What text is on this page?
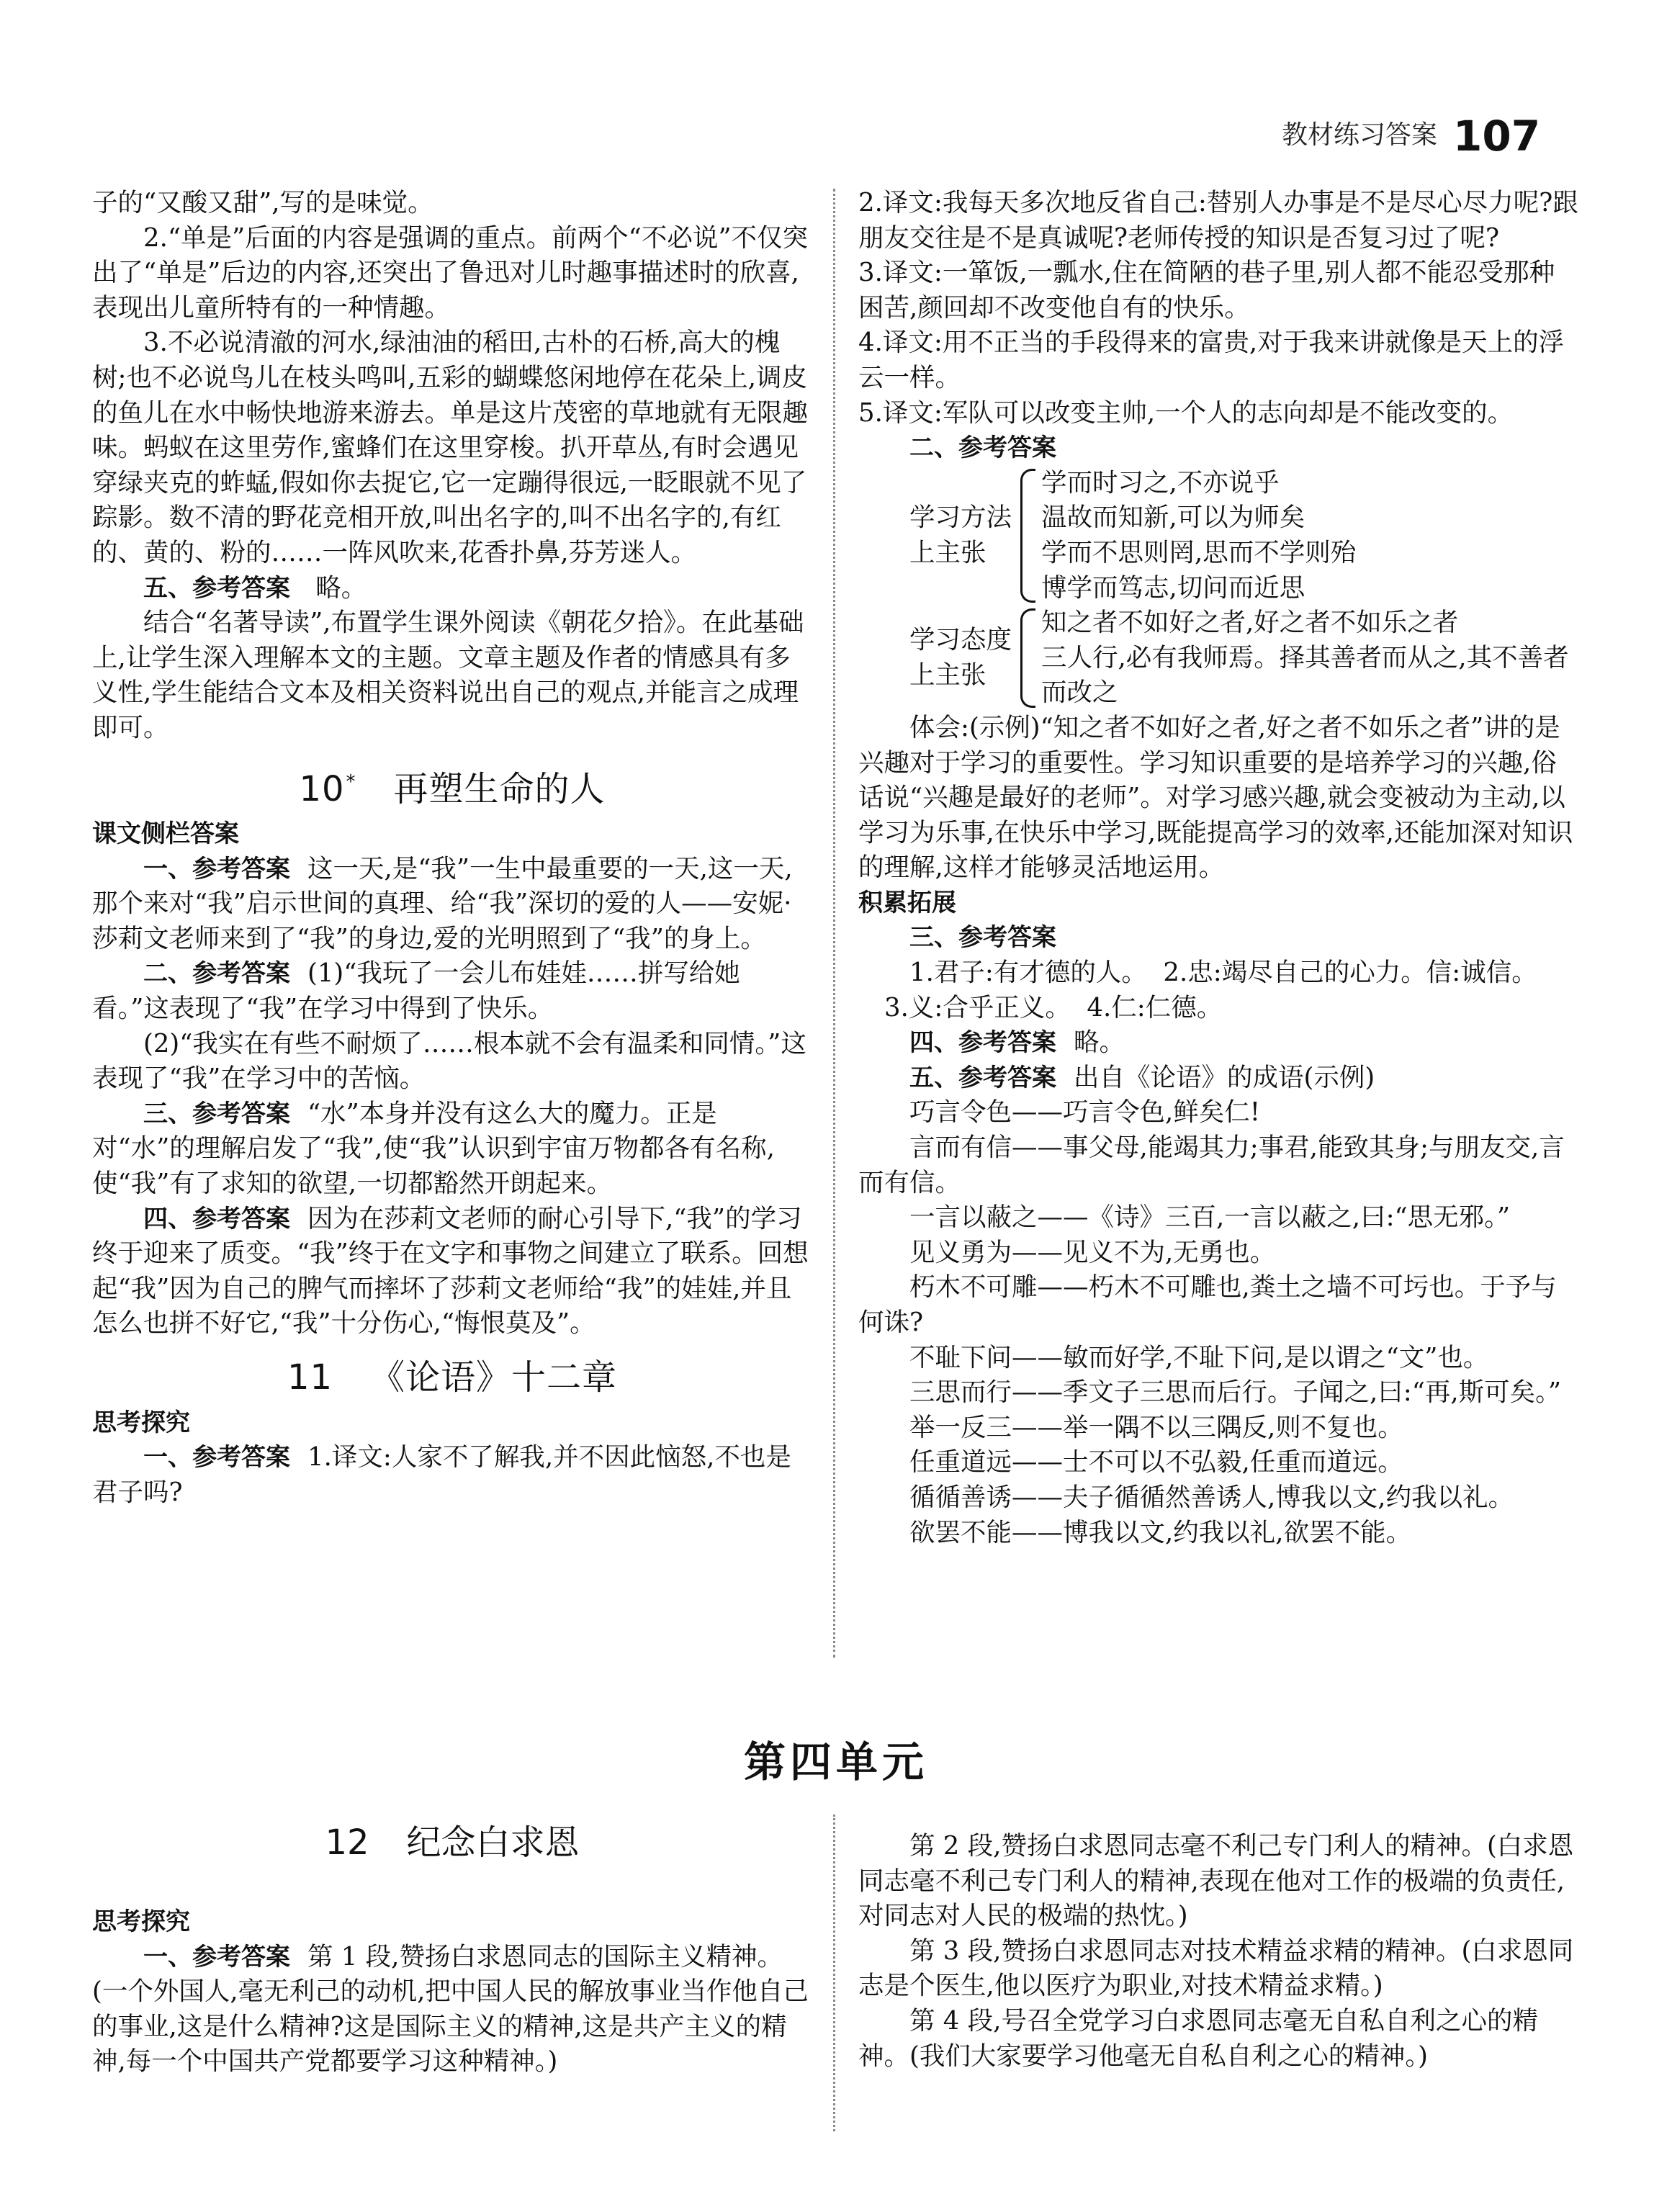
教材练习答案 107

子的“又酸又甜”,写的是味觉。

2.“单是”后面的内容是强调的重点。前两个“不必说”不仅突出了“单是”后边的内容,还突出了鲁迅对儿时趣事描述时的欣喜,表现出儿童所特有的一种情趣。

3.不必说清澈的河水,绿油油的稻田,古朴的石桥,高大的槐树;也不必说鸟儿在枝头鸣叫,五彩的蝴蝶悠闲地停在花朵上,调皮的鱼儿在水中畅快地游来游去。单是这片茂密的草地就有无限趣味。蚂蚁在这里劳作,蜜蜂们在这里穿梭。扒开草丛,有时会遇见穿绿夹克的蚱蜢,假如你去捉它,它一定蹦得很远,一眨眼就不见了踪影。数不清的野花竞相开放,叫出名字的,叫不出名字的,有红的、黄的、粉的……一阵风吹来,花香扑鼻,芬芳迷人。

五、参考答案 略。

结合“名著导读”,布置学生课外阅读《朝花夕拾》。在此基础上,让学生深入理解本文的主题。文章主题及作者的情感具有多义性,学生能结合文本及相关资料说出自己的观点,并能言之成理即可。

10* 再塑生命的人

课文侧栏答案

一、参考答案 这一天,是“我”一生中最重要的一天,这一天,那个来对“我”启示世间的真理、给“我”深切的爱的人——安妮·莎莉文老师来到了“我”的身边,爱的光明照到了“我”的身上。

二、参考答案 (1)“我玩了一会儿布娃娃……拼写给她看。”这表现了“我”在学习中得到了快乐。

(2)“我实在有些不耐烦了……根本就不会有温柔和同情。”这表现了“我”在学习中的苦恼。

三、参考答案 “水”本身并没有这么大的魔力。正是对“水”的理解启发了“我”,使“我”认识到宇宙万物都各有名称,使“我”有了求知的欲望,一切都豁然开朗起来。

四、参考答案 因为在莎莉文老师的耐心引导下,“我”的学习终于迎来了质变。“我”终于在文字和事物之间建立了联系。回想起“我”因为自己的脾气而摔坏了莎莉文老师给“我”的娃娃,并且怎么也拼不好它,“我”十分伤心,“悔恨莫及”。

11 《论语》十二章

思考探究

一、参考答案 1.译文:人家不了解我,并不因此恼怒,不也是君子吗?

2.译文:我每天多次地反省自己:替别人办事是不是尽心尽力呢?跟朋友交往是不是真诚呢?老师传授的知识是否复习过了呢?

3.译文:一箪饭,一瓢水,住在简陋的巷子里,别人都不能忍受那种困苦,颜回却不改变他自有的快乐。

4.译文:用不正当的手段得来的富贵,对于我来讲就像是天上的浮云一样。

5.译文:军队可以改变主帅,一个人的志向却是不能改变的。

二、参考答案

学习方法上主张
学而时习之,不亦说乎
温故而知新,可以为师矣
学而不思则罔,思而不学则殆
博学而笃志,切问而近思
学习态度上主张
知之者不如好之者,好之者不如乐之者
三人行,必有我师焉。择其善者而从之,其不善者而改之

体会:(示例)“知之者不如好之者,好之者不如乐之者”讲的是兴趣对于学习的重要性。学习知识重要的是培养学习的兴趣,俗话说“兴趣是最好的老师”。对学习感兴趣,就会变被动为主动,以学习为乐事,在快乐中学习,既能提高学习的效率,还能加深对知识的理解,这样才能够灵活地运用。

积累拓展

三、参考答案

1.君子:有才德的人。  2.忠:竭尽自己的心力。信:诚信。

3.义:合乎正义。  4.仁:仁德。

四、参考答案 略。

五、参考答案 出自《论语》的成语(示例)

巧言令色——巧言令色,鲜矣仁!

言而有信——事父母,能竭其力;事君,能致其身;与朋友交,言而有信。

一言以蔽之——《诗》三百,一言以蔽之,曰:“思无邪。”

见义勇为——见义不为,无勇也。

朽木不可雕——朽木不可雕也,粪土之墙不可圬也。于予与何诛?

不耻下问——敏而好学,不耻下问,是以谓之“文”也。

三思而行——季文子三思而后行。子闻之,曰:“再,斯可矣。”

举一反三——举一隅不以三隅反,则不复也。

任重道远——士不可以不弘毅,任重而道远。

循循善诱——夫子循循然善诱人,博我以文,约我以礼。

欲罢不能——博我以文,约我以礼,欲罢不能。

第四单元
12 纪念白求恩

思考探究

一、参考答案 第 1 段,赞扬白求恩同志的国际主义精神。(一个外国人,毫无利己的动机,把中国人民的解放事业当作他自己的事业,这是什么精神?这是国际主义的精神,这是共产主义的精神,每一个中国共产党都要学习这种精神。)

第 2 段,赞扬白求恩同志毫不利己专门利人的精神。(白求恩同志毫不利己专门利人的精神,表现在他对工作的极端的负责任,对同志对人民的极端的热忱。)

第 3 段,赞扬白求恩同志对技术精益求精的精神。(白求恩同志是个医生,他以医疗为职业,对技术精益求精。)

第 4 段,号召全党学习白求恩同志毫无自私自利之心的精神。(我们大家要学习他毫无自私自利之心的精神。)
